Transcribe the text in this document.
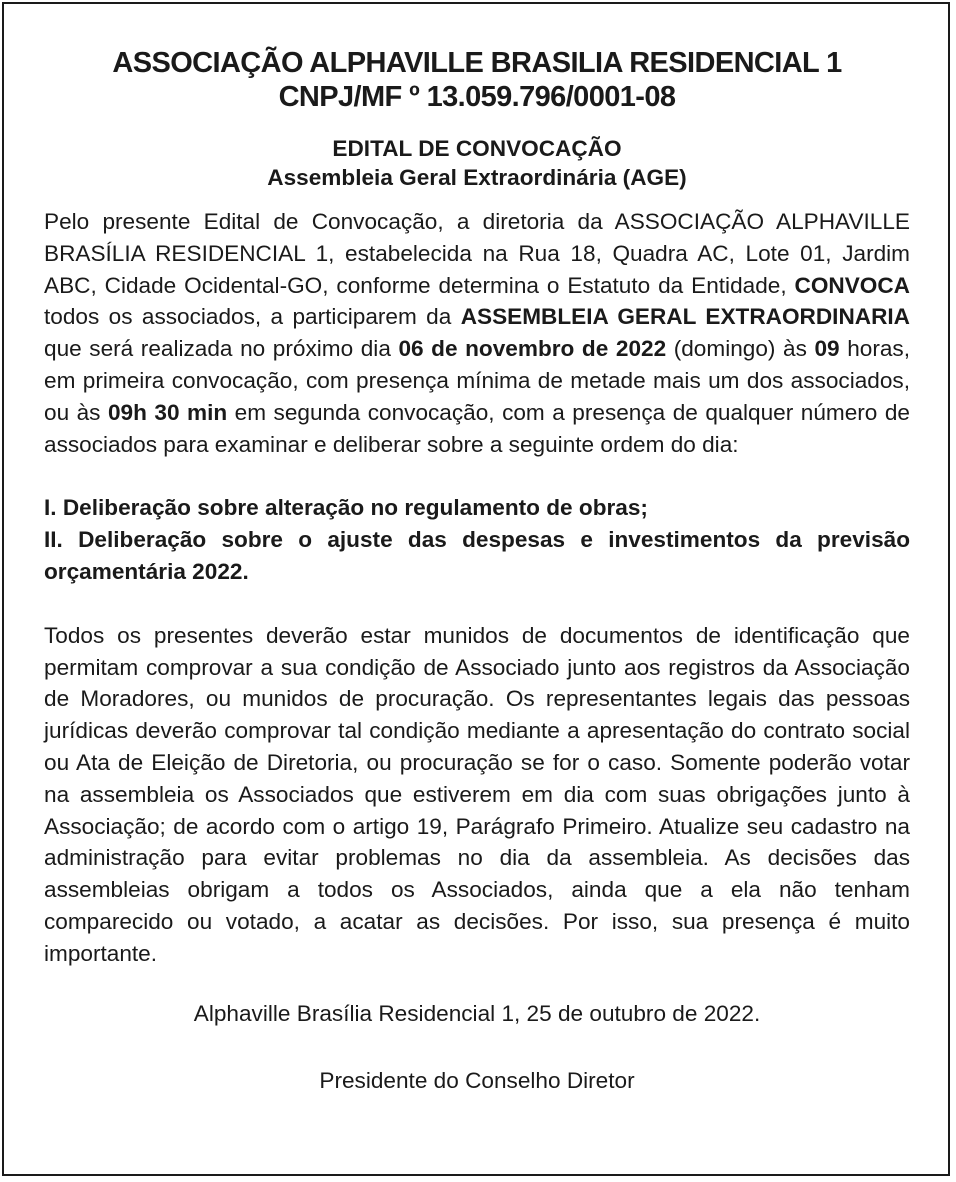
ASSOCIAÇÃO ALPHAVILLE BRASILIA RESIDENCIAL 1
CNPJ/MF º 13.059.796/0001-08
EDITAL DE CONVOCAÇÃO
Assembleia Geral Extraordinária (AGE)

Pelo presente Edital de Convocação, a diretoria da ASSOCIAÇÃO ALPHAVILLE BRASÍLIA RESIDENCIAL 1, estabelecida na Rua 18, Quadra AC, Lote 01, Jardim ABC, Cidade Ocidental-GO, conforme determina o Estatuto da Entidade, CONVOCA todos os associados, a participarem da ASSEMBLEIA GERAL EXTRAORDINARIA que será realizada no próximo dia 06 de novembro de 2022 (domingo) às 09 horas, em primeira convocação, com presença mínima de metade mais um dos associados, ou às 09h 30 min em segunda convocação, com a presença de qualquer número de associados para examinar e deliberar sobre a seguinte ordem do dia:

I. Deliberação sobre alteração no regulamento de obras;

II. Deliberação sobre o ajuste das despesas e investimentos da previsão orçamentária 2022.

Todos os presentes deverão estar munidos de documentos de identificação que permitam comprovar a sua condição de Associado junto aos registros da Associação de Moradores, ou munidos de procuração. Os representantes legais das pessoas jurídicas deverão comprovar tal condição mediante a apresentação do contrato social ou Ata de Eleição de Diretoria, ou procuração se for o caso. Somente poderão votar na assembleia os Associados que estiverem em dia com suas obrigações junto à Associação; de acordo com o artigo 19, Parágrafo Primeiro. Atualize seu cadastro na administração para evitar problemas no dia da assembleia. As decisões das assembleias obrigam a todos os Associados, ainda que a ela não tenham comparecido ou votado, a acatar as decisões. Por isso, sua presença é muito importante.

Alphaville Brasília Residencial 1, 25 de outubro de 2022.

Presidente do Conselho Diretor
